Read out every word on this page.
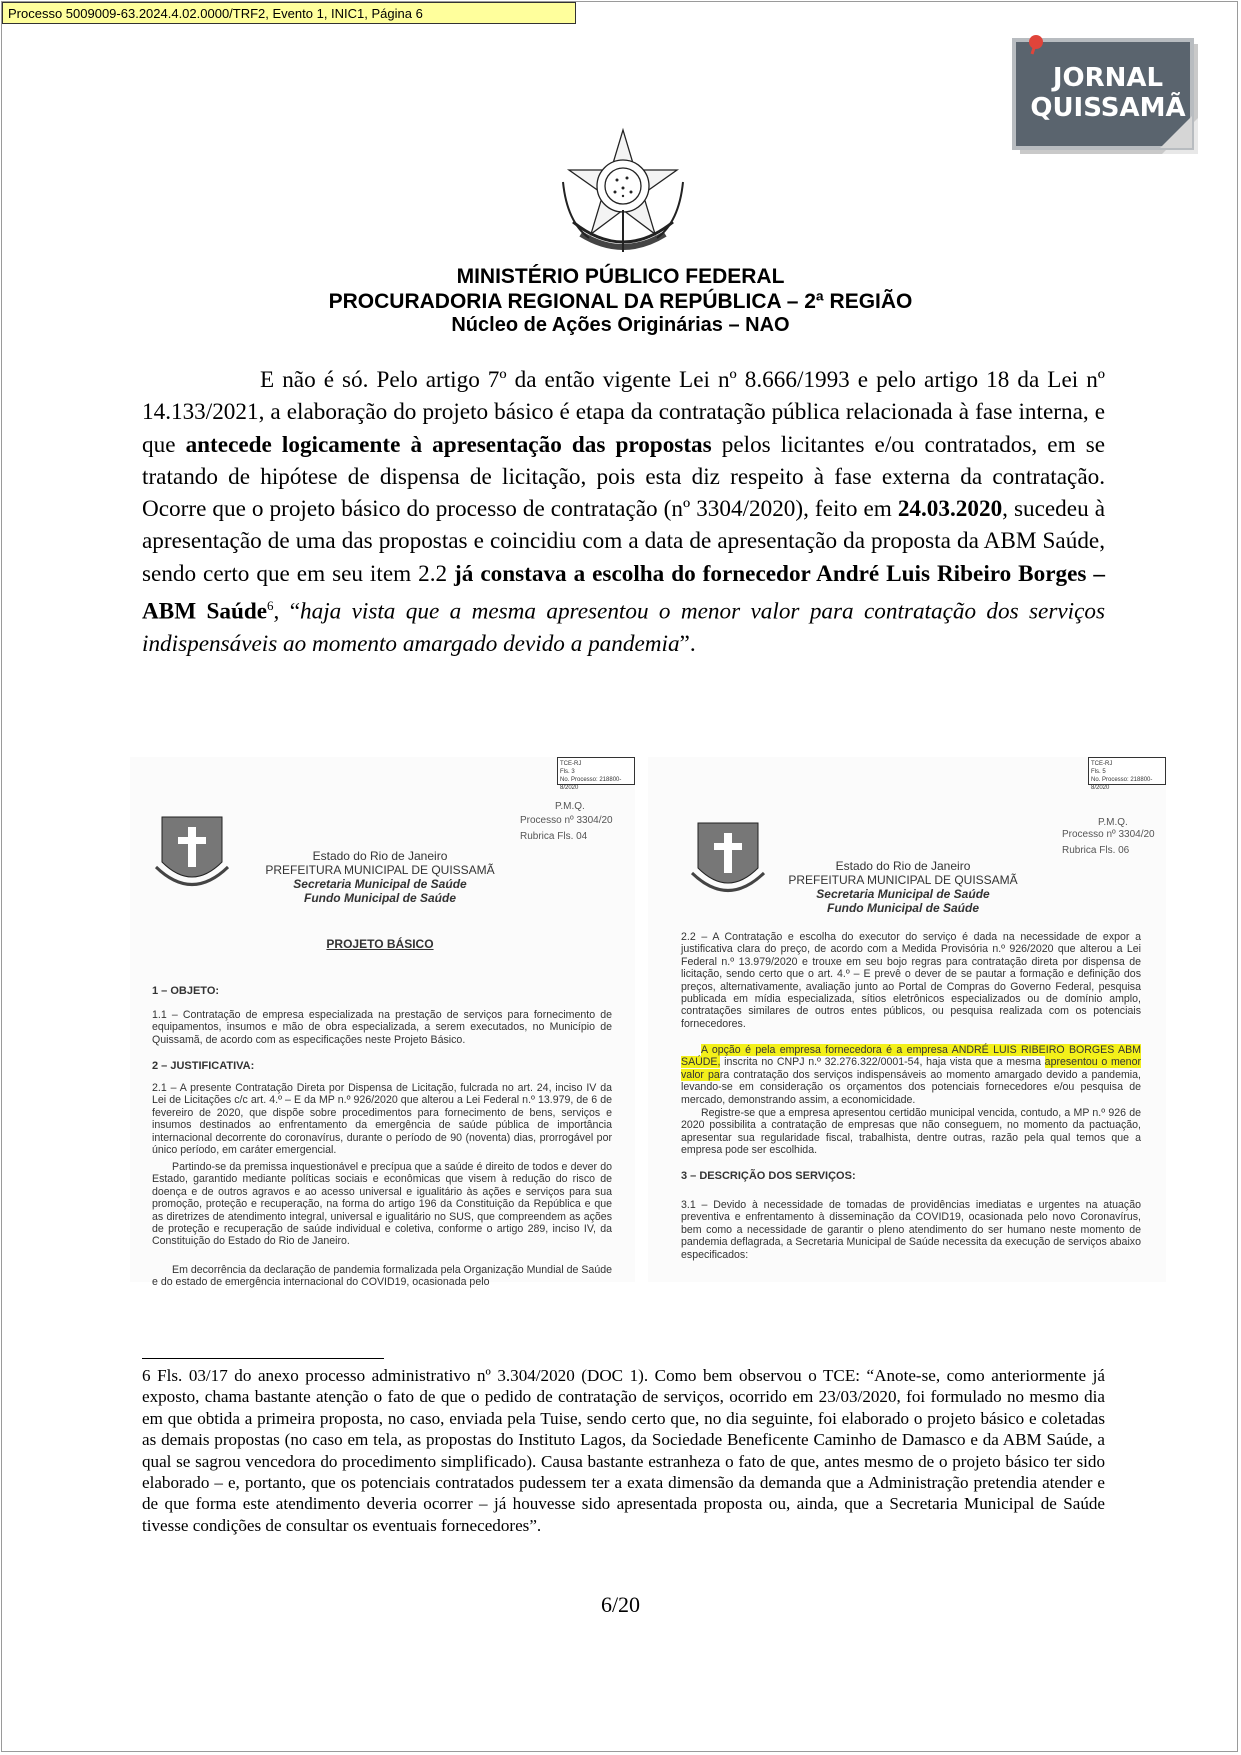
Processo 5009009-63.2024.4.02.0000/TRF2, Evento 1, INIC1, Página 6
JORNAL
QUISSAMÃ
MINISTÉRIO PÚBLICO FEDERAL
PROCURADORIA REGIONAL DA REPÚBLICA – 2ª REGIÃO
Núcleo de Ações Originárias – NAO
E não é só. Pelo artigo 7º da então vigente Lei nº 8.666/1993 e pelo artigo 18 da Lei nº 14.133/2021, a elaboração do projeto básico é etapa da contratação pública relacionada à fase interna, e que antecede logicamente à apresentação das propostas pelos licitantes e/ou contratados, em se tratando de hipótese de dispensa de licitação, pois esta diz respeito à fase externa da contratação. Ocorre que o projeto básico do processo de contratação (nº 3304/2020), feito em 24.03.2020, sucedeu à apresentação de uma das propostas e coincidiu com a data de apresentação da proposta da ABM Saúde, sendo certo que em seu item 2.2 já constava a escolha do fornecedor André Luis Ribeiro Borges – ABM Saúde$^6$, “haja vista que a mesma apresentou o menor valor para contratação dos serviços indispensáveis ao momento amargado devido a pandemia”.
TCE-RJ
Fls. 3
No. Processo: 218800-8/2020
P.M.Q.
Processo nº 3304/20
Rubrica Fls. 04
Estado do Rio de Janeiro
PREFEITURA MUNICIPAL DE QUISSAMÃ
Secretaria Municipal de Saúde
Fundo Municipal de Saúde
PROJETO BÁSICO
1 – OBJETO:
1.1 – Contratação de empresa especializada na prestação de serviços para fornecimento de equipamentos, insumos e mão de obra especializada, a serem executados, no Município de Quissamã, de acordo com as especificações neste Projeto Básico.
2 – JUSTIFICATIVA:
2.1 – A presente Contratação Direta por Dispensa de Licitação, fulcrada no art. 24, inciso IV da Lei de Licitações c/c art. 4.º – E da MP n.º 926/2020 que alterou a Lei Federal n.º 13.979, de 6 de fevereiro de 2020, que dispõe sobre procedimentos para fornecimento de bens, serviços e insumos destinados ao enfrentamento da emergência de saúde pública de importância internacional decorrente do coronavírus, durante o período de 90 (noventa) dias, prorrogável por único período, em caráter emergencial.
Partindo-se da premissa inquestionável e precípua que a saúde é direito de todos e dever do Estado, garantido mediante políticas sociais e econômicas que visem à redução do risco de doença e de outros agravos e ao acesso universal e igualitário às ações e serviços para sua promoção, proteção e recuperação, na forma do artigo 196 da Constituição da República e que as diretrizes de atendimento integral, universal e igualitário no SUS, que compreendem as ações de proteção e recuperação de saúde individual e coletiva, conforme o artigo 289, inciso IV, da Constituição do Estado do Rio de Janeiro.
Em decorrência da declaração de pandemia formalizada pela Organização Mundial de Saúde e do estado de emergência internacional do COVID19, ocasionada pelo
TCE-RJ
Fls. 5
No. Processo: 218800-8/2020
P.M.Q.
Processo nº 3304/20
Rubrica Fls. 06
Estado do Rio de Janeiro
PREFEITURA MUNICIPAL DE QUISSAMÃ
Secretaria Municipal de Saúde
Fundo Municipal de Saúde
2.2 – A Contratação e escolha do executor do serviço é dada na necessidade de expor a justificativa clara do preço, de acordo com a Medida Provisória n.º 926/2020 que alterou a Lei Federal n.º 13.979/2020 e trouxe em seu bojo regras para contratação direta por dispensa de licitação, sendo certo que o art. 4.º – E prevê o dever de se pautar a formação e definição dos preços, alternativamente, avaliação junto ao Portal de Compras do Governo Federal, pesquisa publicada em mídia especializada, sítios eletrônicos especializados ou de domínio amplo, contratações similares de outros entes públicos, ou pesquisa realizada com os potenciais fornecedores.
A opção é pela empresa fornecedora é a empresa ANDRÉ LUIS RIBEIRO BORGES ABM SAÚDE, inscrita no CNPJ n.º 32.276.322/0001-54, haja vista que a mesma apresentou o menor valor para contratação dos serviços indispensáveis ao momento amargado devido a pandemia, levando-se em consideração os orçamentos dos potenciais fornecedores e/ou pesquisa de mercado, demonstrando assim, a economicidade.
Registre-se que a empresa apresentou certidão municipal vencida, contudo, a MP n.º 926 de 2020 possibilita a contratação de empresas que não conseguem, no momento da pactuação, apresentar sua regularidade fiscal, trabalhista, dentre outras, razão pela qual temos que a empresa pode ser escolhida.
3 – DESCRIÇÃO DOS SERVIÇOS:
3.1 – Devido à necessidade de tomadas de providências imediatas e urgentes na atuação preventiva e enfrentamento à disseminação da COVID19, ocasionada pelo novo Coronavírus, bem como a necessidade de garantir o pleno atendimento do ser humano neste momento de pandemia deflagrada, a Secretaria Municipal de Saúde necessita da execução de serviços abaixo especificados:
6 Fls. 03/17 do anexo processo administrativo nº 3.304/2020 (DOC 1). Como bem observou o TCE: “Anote-se, como anteriormente já exposto, chama bastante atenção o fato de que o pedido de contratação de serviços, ocorrido em 23/03/2020, foi formulado no mesmo dia em que obtida a primeira proposta, no caso, enviada pela Tuise, sendo certo que, no dia seguinte, foi elaborado o projeto básico e coletadas as demais propostas (no caso em tela, as propostas do Instituto Lagos, da Sociedade Beneficente Caminho de Damasco e da ABM Saúde, a qual se sagrou vencedora do procedimento simplificado). Causa bastante estranheza o fato de que, antes mesmo de o projeto básico ter sido elaborado – e, portanto, que os potenciais contratados pudessem ter a exata dimensão da demanda que a Administração pretendia atender e de que forma este atendimento deveria ocorrer – já houvesse sido apresentada proposta ou, ainda, que a Secretaria Municipal de Saúde tivesse condições de consultar os eventuais fornecedores”.
6/20
